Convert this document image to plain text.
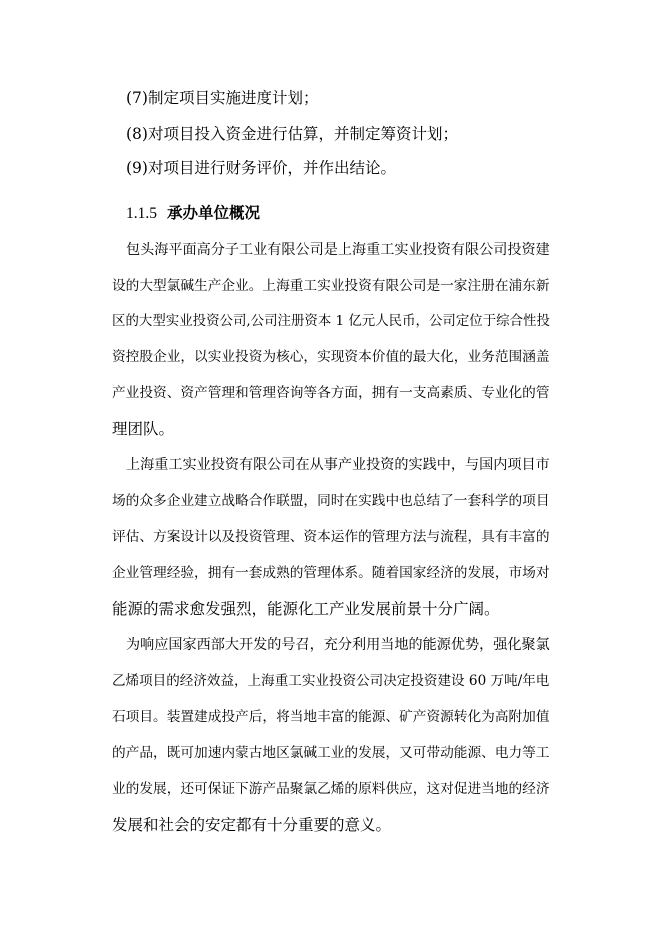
(7)制定项目实施进度计划；
(8)对项目投入资金进行估算，并制定筹资计划；
(9)对项目进行财务评价，并作出结论。
1.1.5 承办单位概况
包头海平面高分子工业有限公司是上海重工实业投资有限公司投资建
设的大型氯碱生产企业。上海重工实业投资有限公司是一家注册在浦东新
区的大型实业投资公司,公司注册资本 1 亿元人民币，公司定位于综合性投
资控股企业，以实业投资为核心，实现资本价值的最大化，业务范围涵盖
产业投资、资产管理和管理咨询等各方面，拥有一支高素质、专业化的管
理团队。
上海重工实业投资有限公司在从事产业投资的实践中，与国内项目市
场的众多企业建立战略合作联盟，同时在实践中也总结了一套科学的项目
评估、方案设计以及投资管理、资本运作的管理方法与流程，具有丰富的
企业管理经验，拥有一套成熟的管理体系。随着国家经济的发展，市场对
能源的需求愈发强烈，能源化工产业发展前景十分广阔。
为响应国家西部大开发的号召，充分利用当地的能源优势，强化聚氯
乙烯项目的经济效益，上海重工实业投资公司决定投资建设 60 万吨/年电
石项目。装置建成投产后，将当地丰富的能源、矿产资源转化为高附加值
的产品，既可加速内蒙古地区氯碱工业的发展，又可带动能源、电力等工
业的发展，还可保证下游产品聚氯乙烯的原料供应，这对促进当地的经济
发展和社会的安定都有十分重要的意义。
